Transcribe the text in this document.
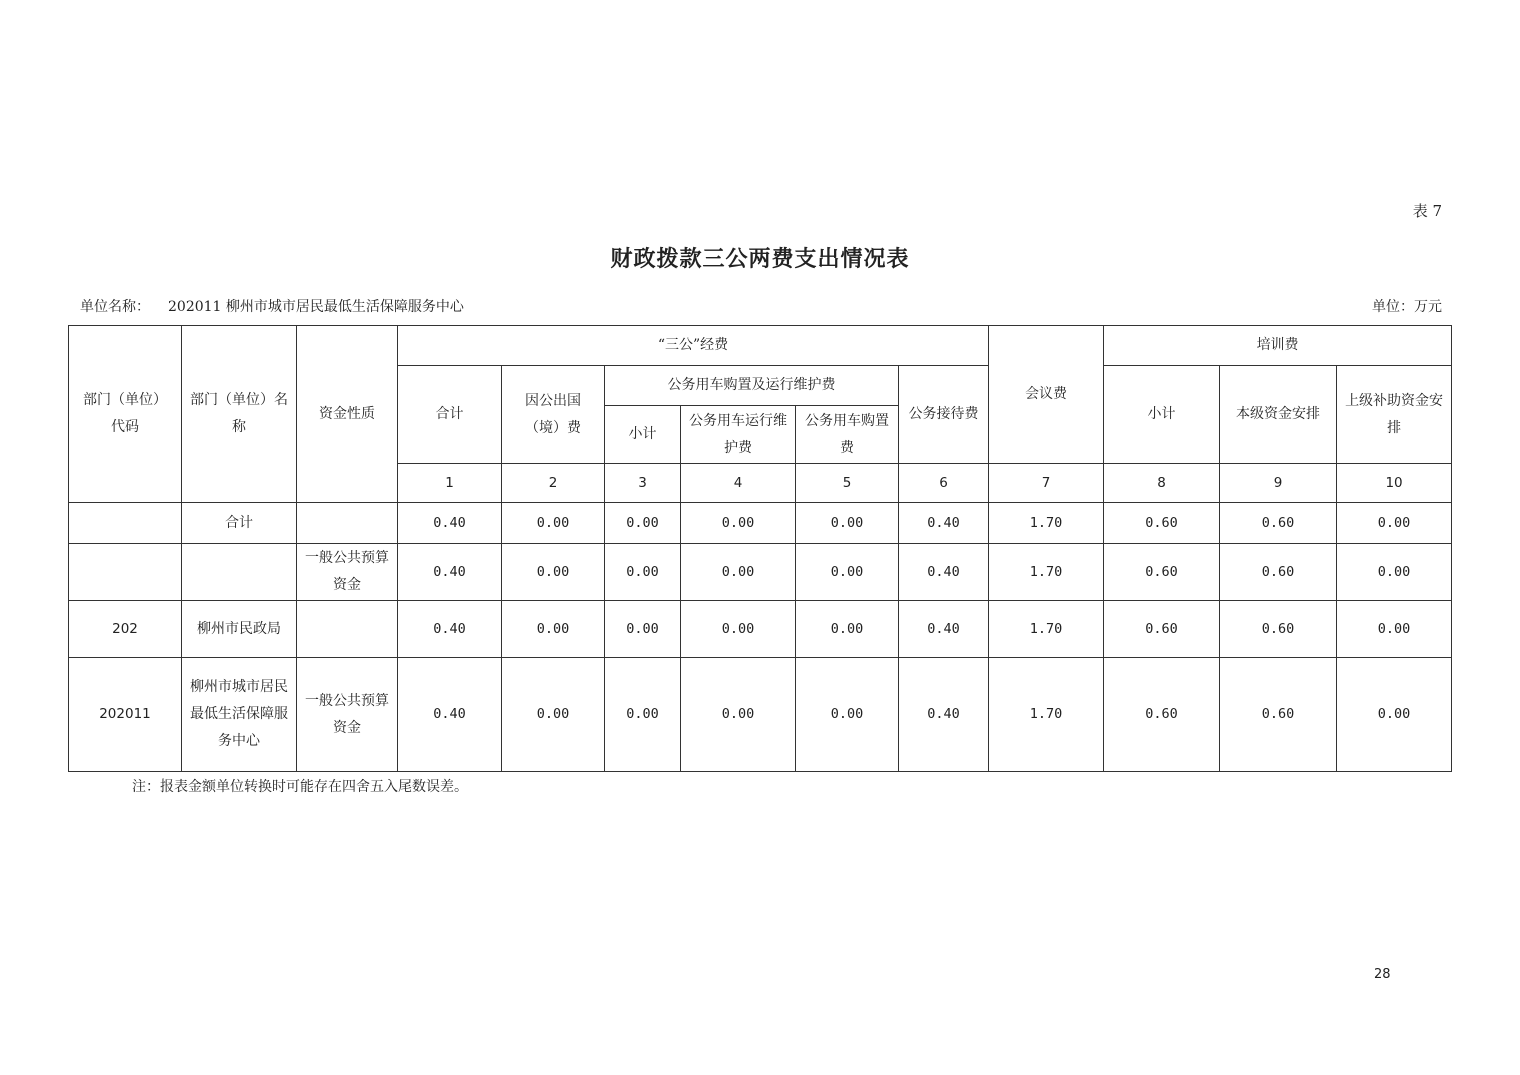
表 7
财政拨款三公两费支出情况表
单位名称： 202011 柳州市城市居民最低生活保障服务中心	单位：万元
部门（单位）代码	部门（单位）名称	资金性质	“三公”经费						会议费	培训费		
			合计	因公出国（境）费	公务用车购置及运行维护费			公务接待费		小计	本级资金安排	上级补助资金安排
					小计	公务用车运行维护费	公务用车购置费					
			1	2	3	4	5	6	7	8	9	10
	合计		0.40	0.00	0.00	0.00	0.00	0.40	1.70	0.60	0.60	0.00
		一般公共预算资金	0.40	0.00	0.00	0.00	0.00	0.40	1.70	0.60	0.60	0.00
202	柳州市民政局		0.40	0.00	0.00	0.00	0.00	0.40	1.70	0.60	0.60	0.00
202011	柳州市城市居民最低生活保障服务中心	一般公共预算资金	0.40	0.00	0.00	0.00	0.00	0.40	1.70	0.60	0.60	0.00
注：报表金额单位转换时可能存在四舍五入尾数误差。
28
